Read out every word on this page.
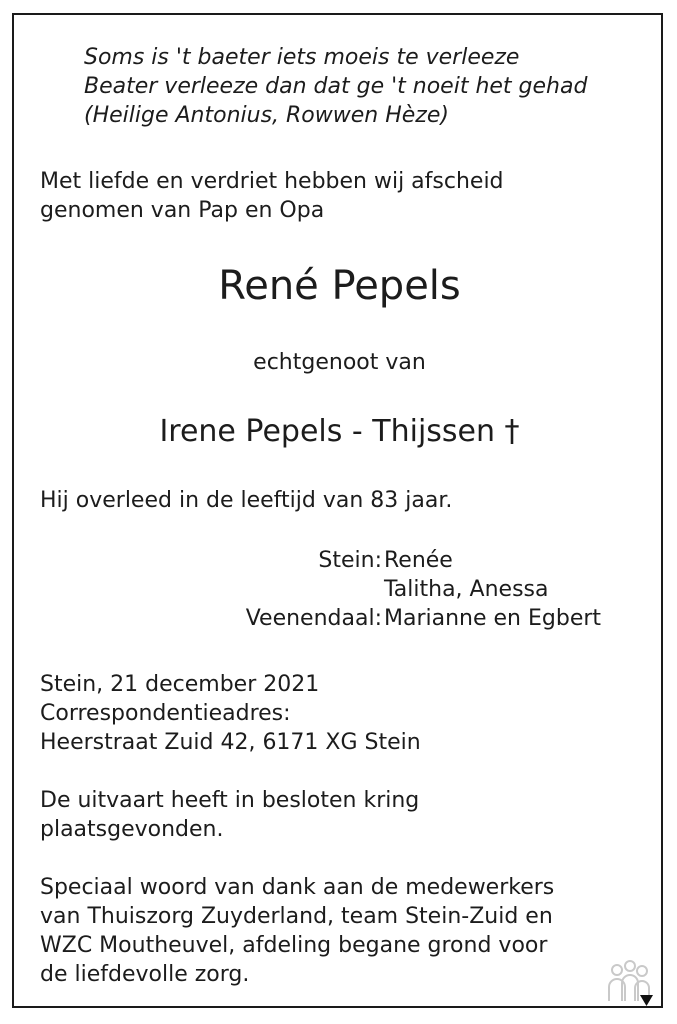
Soms is 't baeter iets moeis te verleeze
Beater verleeze dan dat ge 't noeit het gehad
(Heilige Antonius, Rowwen Hèze)
Met liefde en verdriet hebben wij afscheid
genomen van Pap en Opa
René Pepels
echtgenoot van
Irene Pepels - Thijssen †
Hij overleed in de leeftijd van 83 jaar.
Stein: Renée
Talitha, Anessa
Veenendaal: Marianne en Egbert
Stein, 21 december 2021
Correspondentieadres:
Heerstraat Zuid 42, 6171 XG Stein
De uitvaart heeft in besloten kring
plaatsgevonden.
Speciaal woord van dank aan de medewerkers
van Thuiszorg Zuyderland, team Stein-Zuid en
WZC Moutheuvel, afdeling begane grond voor
de liefdevolle zorg.
